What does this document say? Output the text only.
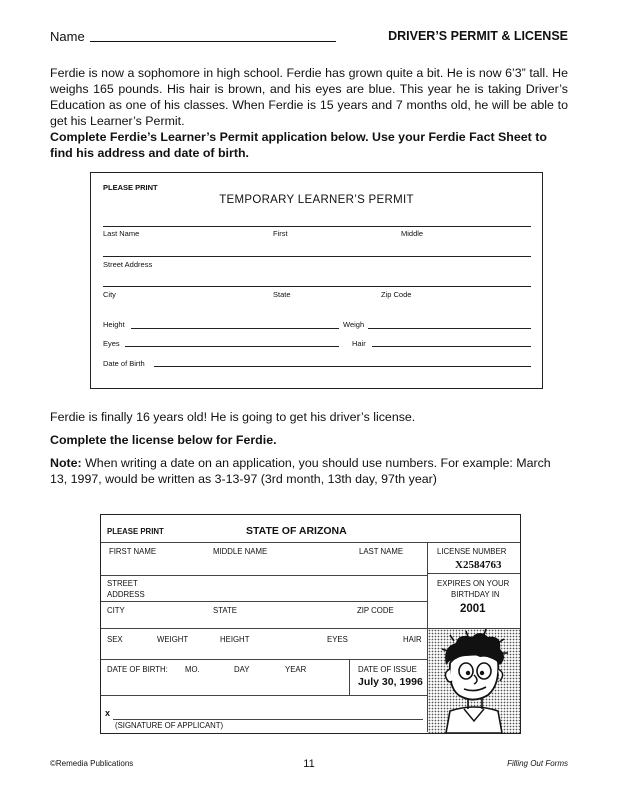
Name	DRIVER’S PERMIT & LICENSE
Ferdie is now a sophomore in high school. Ferdie has grown quite a bit. He is now 6’3” tall. He weighs 165 pounds. His hair is brown, and his eyes are blue. This year he is taking Driver’s Education as one of his classes. When Ferdie is 15 years and 7 months old, he will be able to get his Learner’s Permit.
Complete Ferdie’s Learner’s Permit application below. Use your Ferdie Fact Sheet to find his address and date of birth.
PLEASE PRINT
TEMPORARY LEARNER’S PERMIT
Last Name	First	Middle
Street Address
City	State	Zip Code
Height	Weigh
Eyes	Hair
Date of Birth
Ferdie is finally 16 years old! He is going to get his driver’s license.
Complete the license below for Ferdie.
Note: When writing a date on an application, you should use numbers. For example: March 13, 1997, would be written as 3-13-97 (3rd month, 13th day, 97th year)
PLEASE PRINT	STATE OF ARIZONA
FIRST NAME	MIDDLE NAME	LAST NAME	LICENSE NUMBER
X2584763
STREET
ADDRESS
EXPIRES ON YOUR
BIRTHDAY IN
2001
CITY	STATE	ZIP CODE
SEX	WEIGHT	HEIGHT	EYES	HAIR
DATE OF BIRTH: MO.	DAY	YEAR	DATE OF ISSUE
July 30, 1996
x
(SIGNATURE OF APPLICANT)
©Remedia Publications	11	Filling Out Forms
